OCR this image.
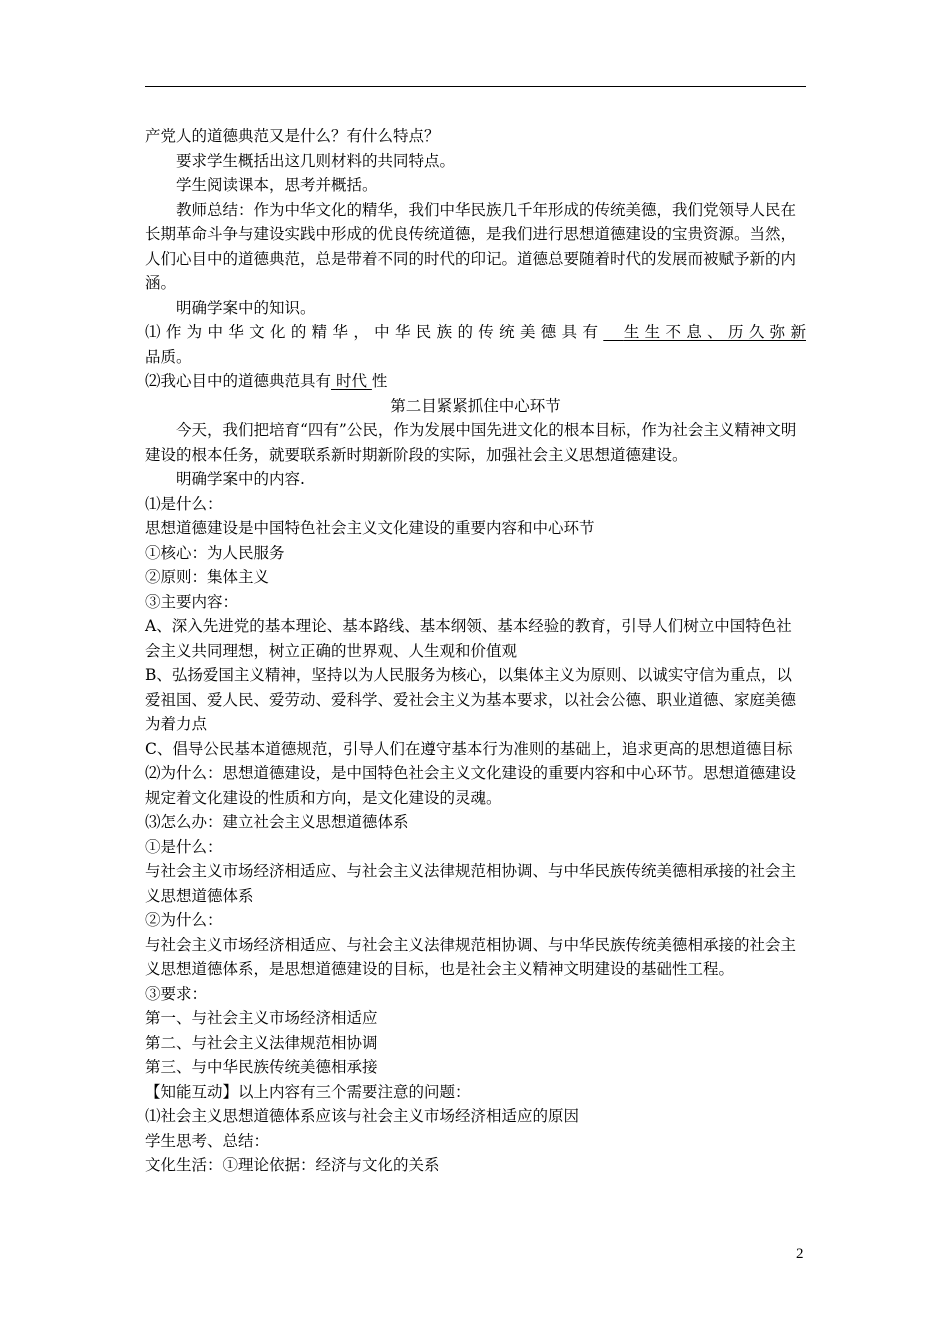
产党人的道德典范又是什么？有什么特点？

要求学生概括出这几则材料的共同特点。

学生阅读课本，思考并概括。

教师总结：作为中华文化的精华，我们中华民族几千年形成的传统美德，我们党领导人民在长期革命斗争与建设实践中形成的优良传统道德，是我们进行思想道德建设的宝贵资源。当然，人们心目中的道德典范，总是带着不同的时代的印记。道德总要随着时代的发展而被赋予新的内涵。

明确学案中的知识。

⑴作为中华文化的精华，中华民族的传统美德具有 生生不息、历久弥新
品质。

⑵我心目中的道德典范具有 时代 性

第二目紧紧抓住中心环节

今天，我们把培育“四有”公民，作为发展中国先进文化的根本目标，作为社会主义精神文明建设的根本任务，就要联系新时期新阶段的实际，加强社会主义思想道德建设。

明确学案中的内容.

⑴是什么：

思想道德建设是中国特色社会主义文化建设的重要内容和中心环节

①核心：为人民服务

②原则：集体主义

③主要内容：

A、深入先进党的基本理论、基本路线、基本纲领、基本经验的教育，引导人们树立中国特色社会主义共同理想，树立正确的世界观、人生观和价值观

B、弘扬爱国主义精神，坚持以为人民服务为核心，以集体主义为原则、以诚实守信为重点，以爱祖国、爱人民、爱劳动、爱科学、爱社会主义为基本要求，以社会公德、职业道德、家庭美德为着力点

C、倡导公民基本道德规范，引导人们在遵守基本行为准则的基础上，追求更高的思想道德目标

⑵为什么：思想道德建设，是中国特色社会主义文化建设的重要内容和中心环节。思想道德建设规定着文化建设的性质和方向，是文化建设的灵魂。

⑶怎么办：建立社会主义思想道德体系

①是什么：

与社会主义市场经济相适应、与社会主义法律规范相协调、与中华民族传统美德相承接的社会主义思想道德体系

②为什么：

与社会主义市场经济相适应、与社会主义法律规范相协调、与中华民族传统美德相承接的社会主义思想道德体系，是思想道德建设的目标，也是社会主义精神文明建设的基础性工程。

③要求：

第一、与社会主义市场经济相适应

第二、与社会主义法律规范相协调

第三、与中华民族传统美德相承接

【知能互动】以上内容有三个需要注意的问题：

⑴社会主义思想道德体系应该与社会主义市场经济相适应的原因

学生思考、总结：

文化生活：①理论依据：经济与文化的关系

2
